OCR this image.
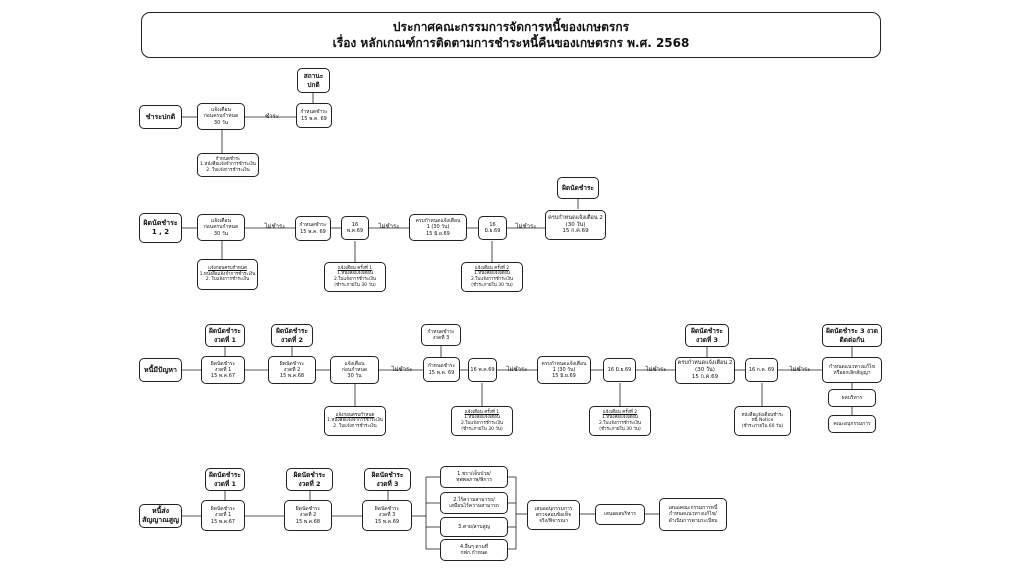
ประกาศคณะกรรมการจัดการหนี้ของเกษตรกร
เรื่อง หลักเกณฑ์การติดตามการชำระหนี้คืนของเกษตรกร พ.ศ. 2568
ชำระปกติ
แจ้งเตือน
ก่อนครบกำหนด
30 วัน
ชำระ
กำหนดชำระ
15 พ.ค. 69
สถานะ
ปกติ
กำหนดชำระ
1.หนังสือแจ้งจำการชำระเงิน
2. ใบแจ้งการชำระเงิน
ผิดนัดชำระ
1 , 2
แจ้งเตือน
ก่อนครบกำหนด
30 วัน
ไม่ชำระ	กำหนดชำระ
15 พ.ค. 69
16 พ.ค.69
ไม่ชำระ
ครบกำหนดแจ้งเตือน
1 (30 วัน)
15 มิ.ย.69
16
มิ.ย.69
ไม่ชำระ
ครบกำหนดแจ้งเตือน 2
(30 วัน)
15 ก.ค.69
ผิดนัดชำระ
แจ้งก่อนครบกำหนด
1.หนังสือแจ้งจำการชำระเงิน
2. ใบแจ้งการชำระเงิน
แจ้งเตือน ครั้งที่ 1
1.หนังสือแจ้งเตือน
2.ใบแจ้งการชำระเงิน
(ชำระภายใน 30 วัน)
แจ้งเตือน ครั้งที่ 2
1.หนังสือแจ้งเตือน
2.ใบแจ้งการชำระเงิน
(ชำระภายใน 30 วัน)
หนี้มีปัญหา
ผิดนัดชำระ
งวดที่ 1
ผิดนัดชำระ
งวดที่ 2
ผิดนัดชำระ
งวดที่ 1
15 พ.ค.67
ผิดนัดชำระ
งวดที่ 2
15 พ.ค.68
แจ้งเตือน
ก่อนกำหนด
30 วัน
ไม่ชำระ
กำหนดชำระ
งวดที่ 3
กำหนดชำระ
15 พ.ค. 69	16 พ.ค.69	ไม่ชำระ
ครบกำหนดแจ้งเตือน
1 (30 วัน)
15 มิ.ย.69
16 มิ.ย.69	ไม่ชำระ
ผิดนัดชำระ
งวดที่ 3
ครบกำหนดแจ้งเตือน 2
(30 วัน)
15 ก.ค.69
16 ก.ค. 69	ไม่ชำระ
ผิดนัดชำระ 3 งวด
ติดต่อกัน
กำหนดแนวทางแก้ไข
หรือยกเลิกสัญญา
ผลบริหาร
คณะอนุกรรมการ
แจ้งก่อนครบกำหนด
1.หนังสือแจ้งจำการชำระเงิน
2. ใบแจ้งการชำระเงิน
แจ้งเตือน ครั้งที่ 1
1.หนังสือแจ้งเตือน
2.ใบแจ้งการชำระเงิน
(ชำระภายใน 30 วัน)
แจ้งเตือน ครั้งที่ 2
1.หนังสือแจ้งเตือน
2.ใบแจ้งการชำระเงิน
(ชำระภายใน 30 วัน)
หนังสือแจ้งเตือนชำระ
หนี้ Notice
(ชำระภายใน 60 วัน)
หนี้ส่งสัญญาณสูญ
ผิดนัดชำระ
งวดที่ 1
ผิดนัดชำระ
งวดที่ 2
ผิดนัดชำระ
งวดที่ 3
ผิดนัดชำระ
งวดที่ 1
15 พ.ค.67
ผิดนัดชำระ
งวดที่ 2
15 พ.ค.68
ผิดนัดชำระ
งวดที่ 3
15 พ.ค.69
1.ชรา/เจ็บป่วย/
ทุพพลภาพ/พิการ
2.ไร้ความสามารถ/
เสมือนไร้ความสามารถ
3.ตาย/สาบสูญ
4.อื่นๆ ตามที่
กฟก.กำหนด
เสนออนุกรรมการ
ตรวจสอบข้อเท็จ
จริง/พิจารณา
เสนอผลบริหาร
เสนอคณะกรรมการหนี้
กำหนดแนวทางแก้ไข/
ดำเนินการตามระเบียบ
